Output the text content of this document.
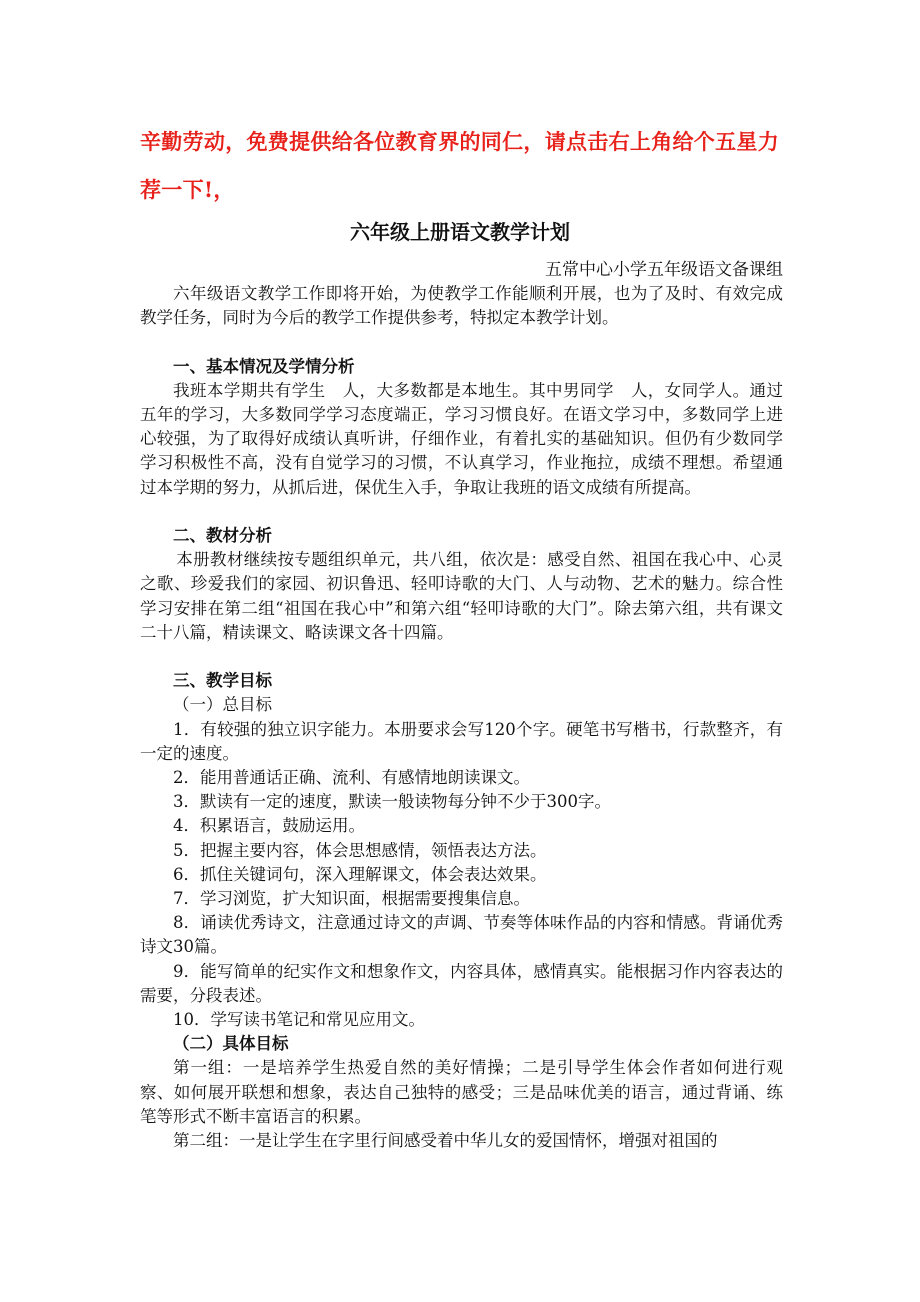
辛勤劳动，免费提供给各位教育界的同仁，请点击右上角给个五星力荐一下!，
六年级上册语文教学计划
五常中心小学五年级语文备课组

六年级语文教学工作即将开始，为使教学工作能顺利开展，也为了及时、有效完成教学任务，同时为今后的教学工作提供参考，特拟定本教学计划。

一、基本情况及学情分析

我班本学期共有学生　人，大多数都是本地生。其中男同学　人，女同学人。通过五年的学习，大多数同学学习态度端正，学习习惯良好。在语文学习中，多数同学上进心较强，为了取得好成绩认真听讲，仔细作业，有着扎实的基础知识。但仍有少数同学学习积极性不高，没有自觉学习的习惯，不认真学习，作业拖拉，成绩不理想。希望通过本学期的努力，从抓后进，保优生入手，争取让我班的语文成绩有所提高。

二、教材分析

本册教材继续按专题组织单元，共八组，依次是：感受自然、祖国在我心中、心灵之歌、珍爱我们的家园、初识鲁迅、轻叩诗歌的大门、人与动物、艺术的魅力。综合性学习安排在第二组“祖国在我心中”和第六组“轻叩诗歌的大门”。除去第六组，共有课文二十八篇，精读课文、略读课文各十四篇。

三、教学目标

（一）总目标

1．有较强的独立识字能力。本册要求会写120个字。硬笔书写楷书，行款整齐，有一定的速度。

2．能用普通话正确、流利、有感情地朗读课文。

3．默读有一定的速度，默读一般读物每分钟不少于300字。

4．积累语言，鼓励运用。

5．把握主要内容，体会思想感情，领悟表达方法。

6．抓住关键词句，深入理解课文，体会表达效果。

7．学习浏览，扩大知识面，根据需要搜集信息。

8．诵读优秀诗文，注意通过诗文的声调、节奏等体味作品的内容和情感。背诵优秀诗文30篇。

9．能写简单的纪实作文和想象作文，内容具体，感情真实。能根据习作内容表达的需要，分段表述。

10．学写读书笔记和常见应用文。

（二）具体目标

第一组：一是培养学生热爱自然的美好情操；二是引导学生体会作者如何进行观察、如何展开联想和想象，表达自己独特的感受；三是品味优美的语言，通过背诵、练笔等形式不断丰富语言的积累。

第二组：一是让学生在字里行间感受着中华儿女的爱国情怀，增强对祖国的
